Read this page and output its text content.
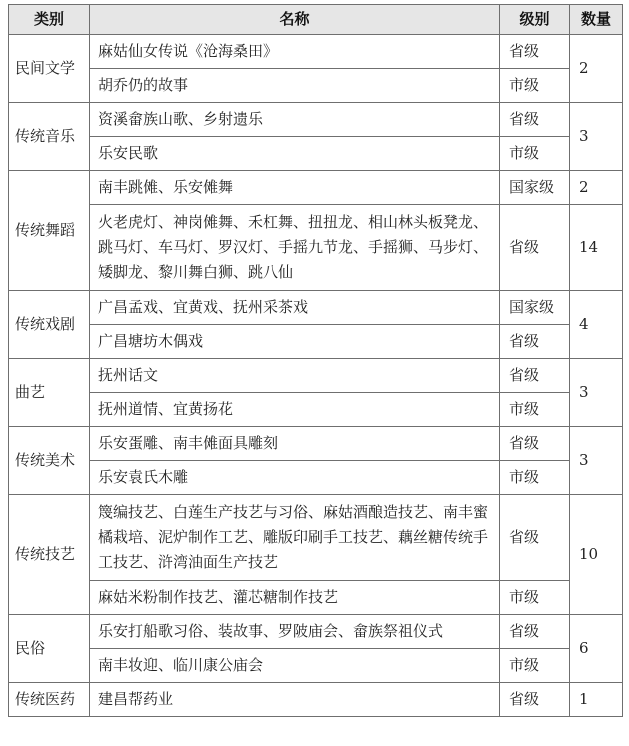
类别	名称	级别	数量
民间文学	麻姑仙女传说《沧海桑田》	省级	2
	胡乔仍的故事	市级	
传统音乐	资溪畲族山歌、乡射遗乐	省级	3
	乐安民歌	市级	
传统舞蹈	南丰跳傩、乐安傩舞	国家级	2
	火老虎灯、神岗傩舞、禾杠舞、扭扭龙、相山林头板凳龙、跳马灯、车马灯、罗汉灯、手摇九节龙、手摇狮、马步灯、矮脚龙、黎川舞白狮、跳八仙	省级	14
传统戏剧	广昌孟戏、宜黄戏、抚州采茶戏	国家级	4
	广昌塘坊木偶戏	省级	
曲艺	抚州话文	省级	3
	抚州道情、宜黄扬花	市级	
传统美术	乐安蛋雕、南丰傩面具雕刻	省级	3
	乐安袁氏木雕	市级	
传统技艺	篾编技艺、白莲生产技艺与习俗、麻姑酒酿造技艺、南丰蜜橘栽培、泥炉制作工艺、雕版印刷手工技艺、藕丝糖传统手工技艺、浒湾油面生产技艺	省级	10
	麻姑米粉制作技艺、灌芯糖制作技艺	市级	
民俗	乐安打船歌习俗、装故事、罗陂庙会、畲族祭祖仪式	省级	6
	南丰妆迎、临川康公庙会	市级	
传统医药	建昌帮药业	省级	1
